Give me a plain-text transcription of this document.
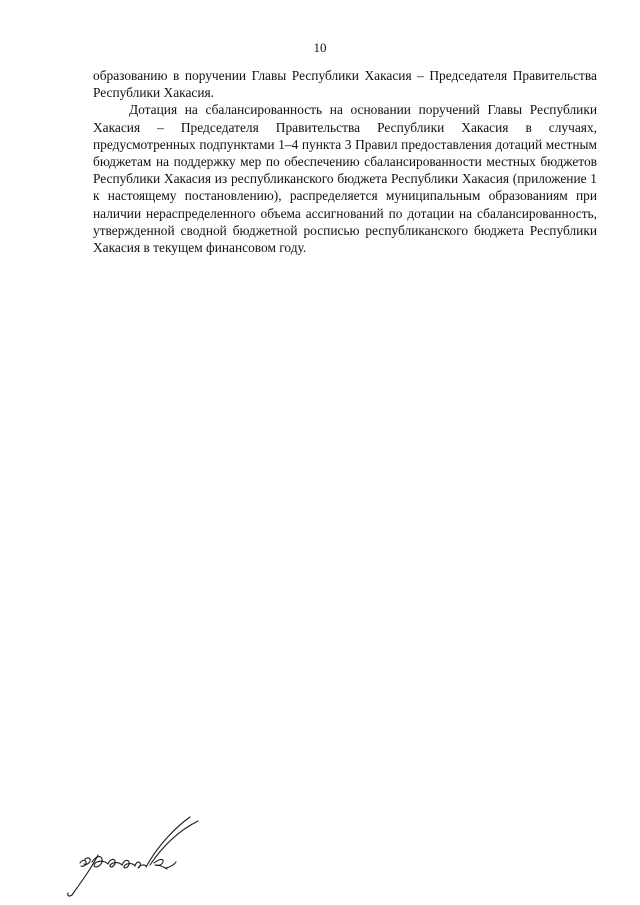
10

образованию в поручении Главы Республики Хакасия – Председателя Правительства Республики Хакасия.

Дотация на сбалансированность на основании поручений Главы Республики Хакасия – Председателя Правительства Республики Хакасия в случаях, предусмотренных подпунктами 1–4 пункта 3 Правил предоставления дотаций местным бюджетам на поддержку мер по обеспечению сбалансированности местных бюджетов Республики Хакасия из республиканского бюджета Республики Хакасия (приложение 1 к настоящему постановлению), распределяется муниципальным образованиям при наличии нераспределенного объема ассигнований по дотации на сбалансированность, утвержденной сводной бюджетной росписью республиканского бюджета Республики Хакасия в текущем финансовом году.
